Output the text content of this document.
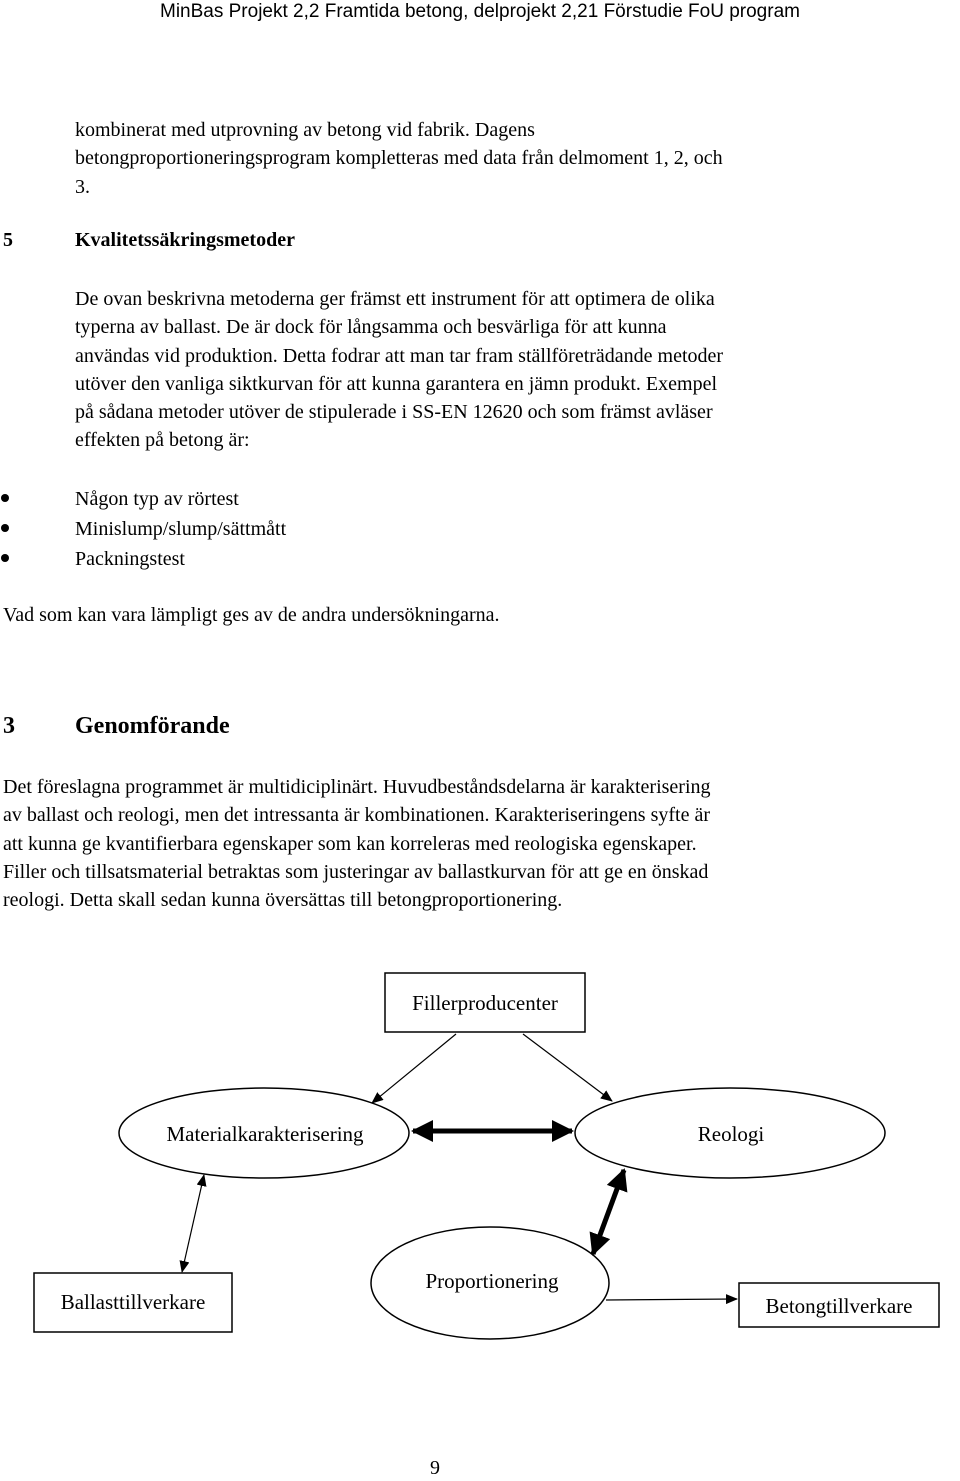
MinBas Projekt 2,2 Framtida betong, delprojekt 2,21 Förstudie FoU program
kombinerat med utprovning av betong vid fabrik. Dagens
betongproportioneringsprogram kompletteras med data från delmoment 1, 2, och
3.
5	Kvalitetssäkringsmetoder
De ovan beskrivna metoderna ger främst ett instrument för att optimera de olika
typerna av ballast. De är dock för långsamma och besvärliga för att kunna
användas vid produktion. Detta fodrar att man tar fram ställföreträdande metoder
utöver den vanliga siktkurvan för att kunna garantera en jämn produkt. Exempel
på sådana metoder utöver de stipulerade i SS-EN 12620 och som främst avläser
effekten på betong är:
Någon typ av rörtest
Minislump/slump/sättmått
Packningstest
Vad som kan vara lämpligt ges av de andra undersökningarna.
3	Genomförande
Det föreslagna programmet är multidiciplinärt. Huvudbeståndsdelarna är karakterisering
av ballast och reologi, men det intressanta är kombinationen. Karakteriseringens syfte är
att kunna ge kvantifierbara egenskaper som kan korreleras med reologiska egenskaper.
Filler och tillsatsmaterial betraktas som justeringar av ballastkurvan för att ge en önskad
reologi. Detta skall sedan kunna översättas till betongproportionering.
Fillerproducenter
Materialkarakterisering	Reologi
Ballasttillverkare
Proportionering
Betongtillverkare
9
